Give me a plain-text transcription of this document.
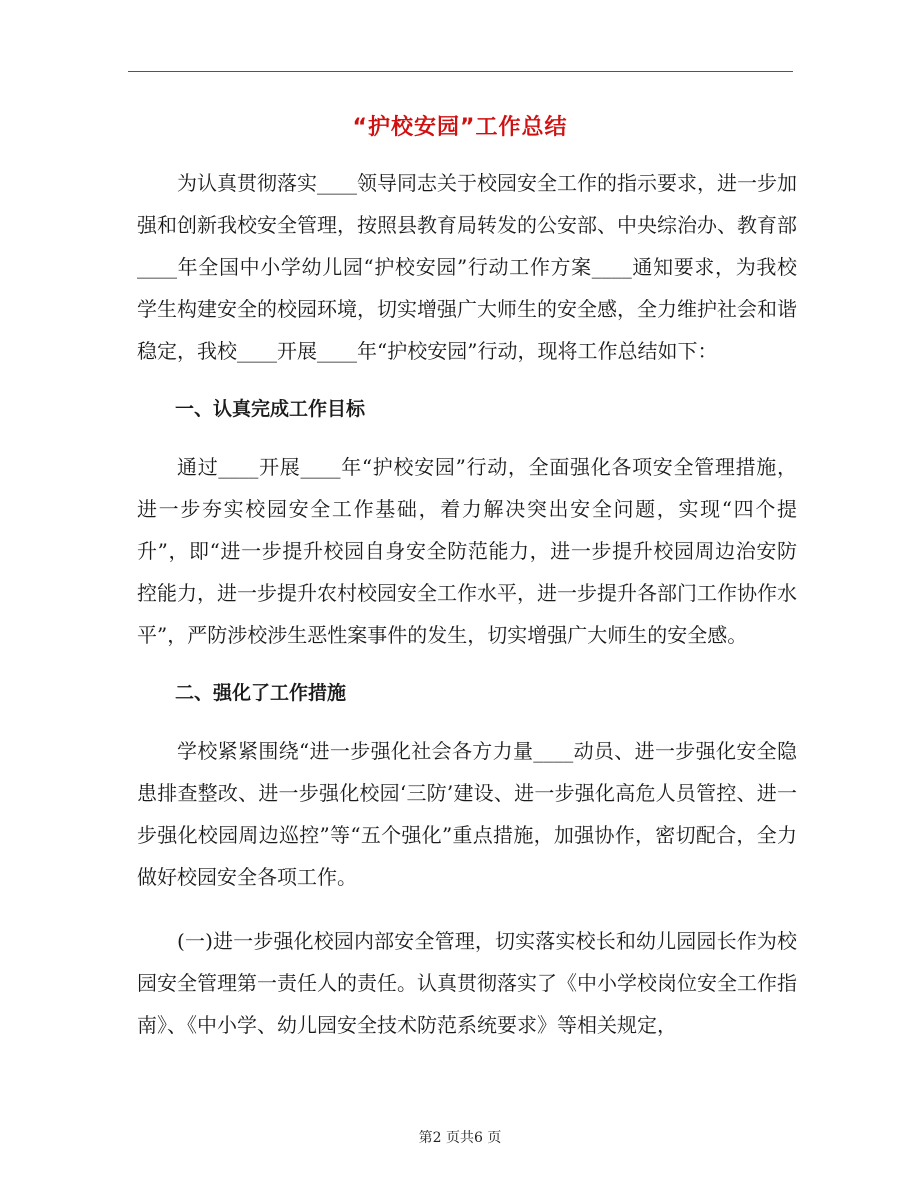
“护校安园”工作总结

为认真贯彻落实____领导同志关于校园安全工作的指示要求，进一步加强和创新我校安全管理，按照县教育局转发的公安部、中央综治办、教育部____年全国中小学幼儿园“护校安园”行动工作方案____通知要求，为我校学生构建安全的校园环境，切实增强广大师生的安全感，全力维护社会和谐稳定，我校____开展____年“护校安园”行动，现将工作总结如下：

一、认真完成工作目标

通过____开展____年“护校安园”行动，全面强化各项安全管理措施，进一步夯实校园安全工作基础，着力解决突出安全问题，实现“四个提升”，即“进一步提升校园自身安全防范能力，进一步提升校园周边治安防控能力，进一步提升农村校园安全工作水平，进一步提升各部门工作协作水平”，严防涉校涉生恶性案事件的发生，切实增强广大师生的安全感。

二、强化了工作措施

学校紧紧围绕“进一步强化社会各方力量____动员、进一步强化安全隐患排查整改、进一步强化校园‘三防’建设、进一步强化高危人员管控、进一步强化校园周边巡控”等“五个强化”重点措施，加强协作，密切配合，全力做好校园安全各项工作。

(一)进一步强化校园内部安全管理，切实落实校长和幼儿园园长作为校园安全管理第一责任人的责任。认真贯彻落实了《中小学校岗位安全工作指南》、《中小学、幼儿园安全技术防范系统要求》等相关规定，

第2 页共6 页
